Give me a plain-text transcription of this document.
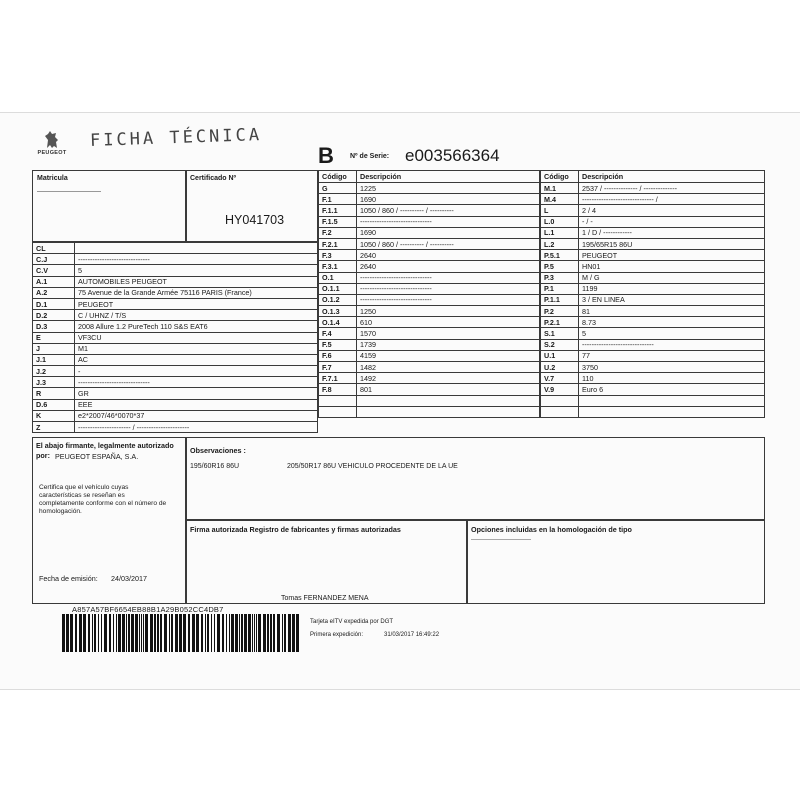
PEUGEOT
FICHA TÉCNICA
B Nº de Serie: e003566364
Matricula	Certificado Nº
HY041703
CL	
C.J	------------------------------
C.V	5
A.1	AUTOMOBILES PEUGEOT
A.2	75 Avenue de la Grande Armée 75116 PARIS (France)
D.1	PEUGEOT
D.2	C / UHNZ / T/S
D.3	2008 Allure 1.2 PureTech 110 S&S EAT6
E	VF3CU
J	M1
J.1	AC
J.2	-
J.3	------------------------------
R	GR
D.6	EEE
K	e2*2007/46*0070*37
Z	---------------------- / ----------------------
Código	Descripción
G	1225
F.1	1690
F.1.1	1050 / 860 / ---------- / ----------
F.1.5	------------------------------
F.2	1690
F.2.1	1050 / 860 / ---------- / ----------
F.3	2640
F.3.1	2640
O.1	------------------------------
O.1.1	------------------------------
O.1.2	------------------------------
O.1.3	1250
O.1.4	610
F.4	1570
F.5	1739
F.6	4159
F.7	1482
F.7.1	1492
F.8	801

Código	Descripción
M.1	2537 / -------------- / --------------
M.4	------------------------------ /
L	2 / 4
L.0	- / -
L.1	1 / D / ------------
L.2	195/65R15 86U
P.5.1	PEUGEOT
P.5	HN01
P.3	M / G
P.1	1199
P.1.1	3 / EN LINEA
P.2	81
P.2.1	8.73
S.1	5
S.2	------------------------------
U.1	77
U.2	3750
V.7	110
V.9	Euro 6

El abajo firmante, legalmente autorizado
por: PEUGEOT ESPAÑA, S.A.
Certifica que el vehículo cuyas características se reseñan es completamente conforme con el número de homologación.
Fecha de emisión: 24/03/2017
Observaciones :
195/60R16 86U	205/50R17 86U VEHICULO PROCEDENTE DE LA UE
Firma autorizada Registro de fabricantes y firmas autorizadas
Tomas FERNANDEZ MENA
Opciones incluidas en la homologación de tipo
------------------------------
A857A57BF6654EB88B1A29B052CC4DB7
Tarjeta eITV expedida por DGT
Primera expedición:	31/03/2017 16:49:22
